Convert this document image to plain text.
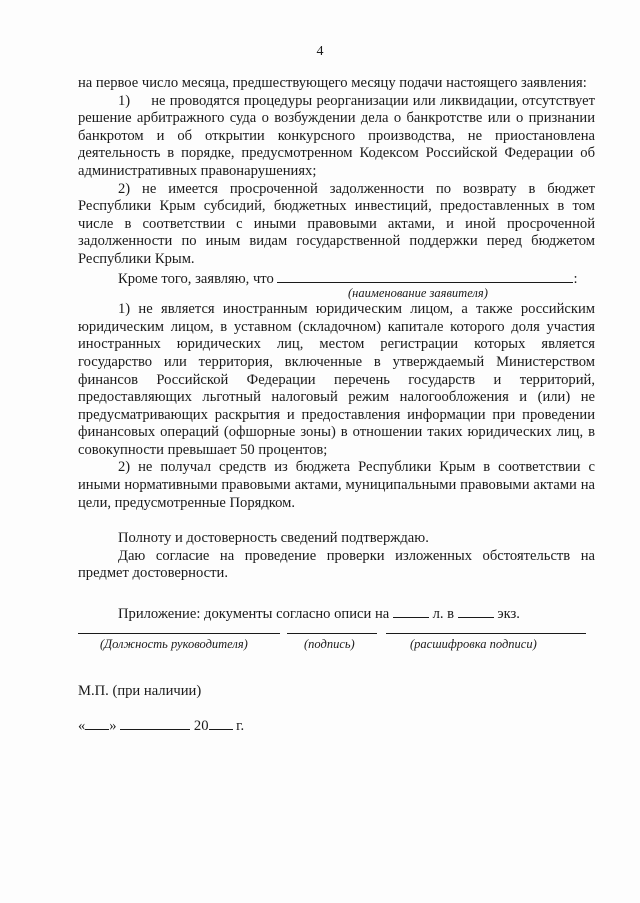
4

на первое число месяца, предшествующего месяцу подачи настоящего заявления:

1)     не проводятся процедуры реорганизации или ликвидации, отсутствует решение арбитражного суда о возбуждении дела о банкротстве или о признании банкротом и об открытии конкурсного производства, не приостановлена деятельность в порядке, предусмотренном Кодексом Российской Федерации об административных правонарушениях;

2) не имеется просроченной задолженности по возврату в бюджет Республики Крым субсидий, бюджетных инвестиций, предоставленных в том числе в соответствии с иными правовыми актами, и иной просроченной задолженности по иным видам государственной поддержки перед бюджетом Республики Крым.

Кроме того, заявляю, что	:

(наименование заявителя)

1) не является иностранным юридическим лицом, а также российским юридическим лицом, в уставном (складочном) капитале которого доля участия иностранных юридических лиц, местом регистрации которых является государство или территория, включенные в утверждаемый Министерством финансов Российской Федерации перечень государств и территорий, предоставляющих льготный налоговый режим налогообложения и (или) не предусматривающих раскрытия и предоставления информации при проведении финансовых операций (офшорные зоны) в отношении таких юридических лиц, в совокупности превышает 50 процентов;

2) не получал средств из бюджета Республики Крым в соответствии с иными нормативными правовыми актами, муниципальными правовыми актами на цели, предусмотренные Порядком.

Полноту и достоверность сведений подтверждаю.

Даю согласие на проведение проверки изложенных обстоятельств на предмет достоверности.

Приложение: документы согласно описи на	л. в	экз.
(Должность руководителя)	(подпись)	(расшифровка подписи)
М.П. (при наличии)
« »	20 г.
